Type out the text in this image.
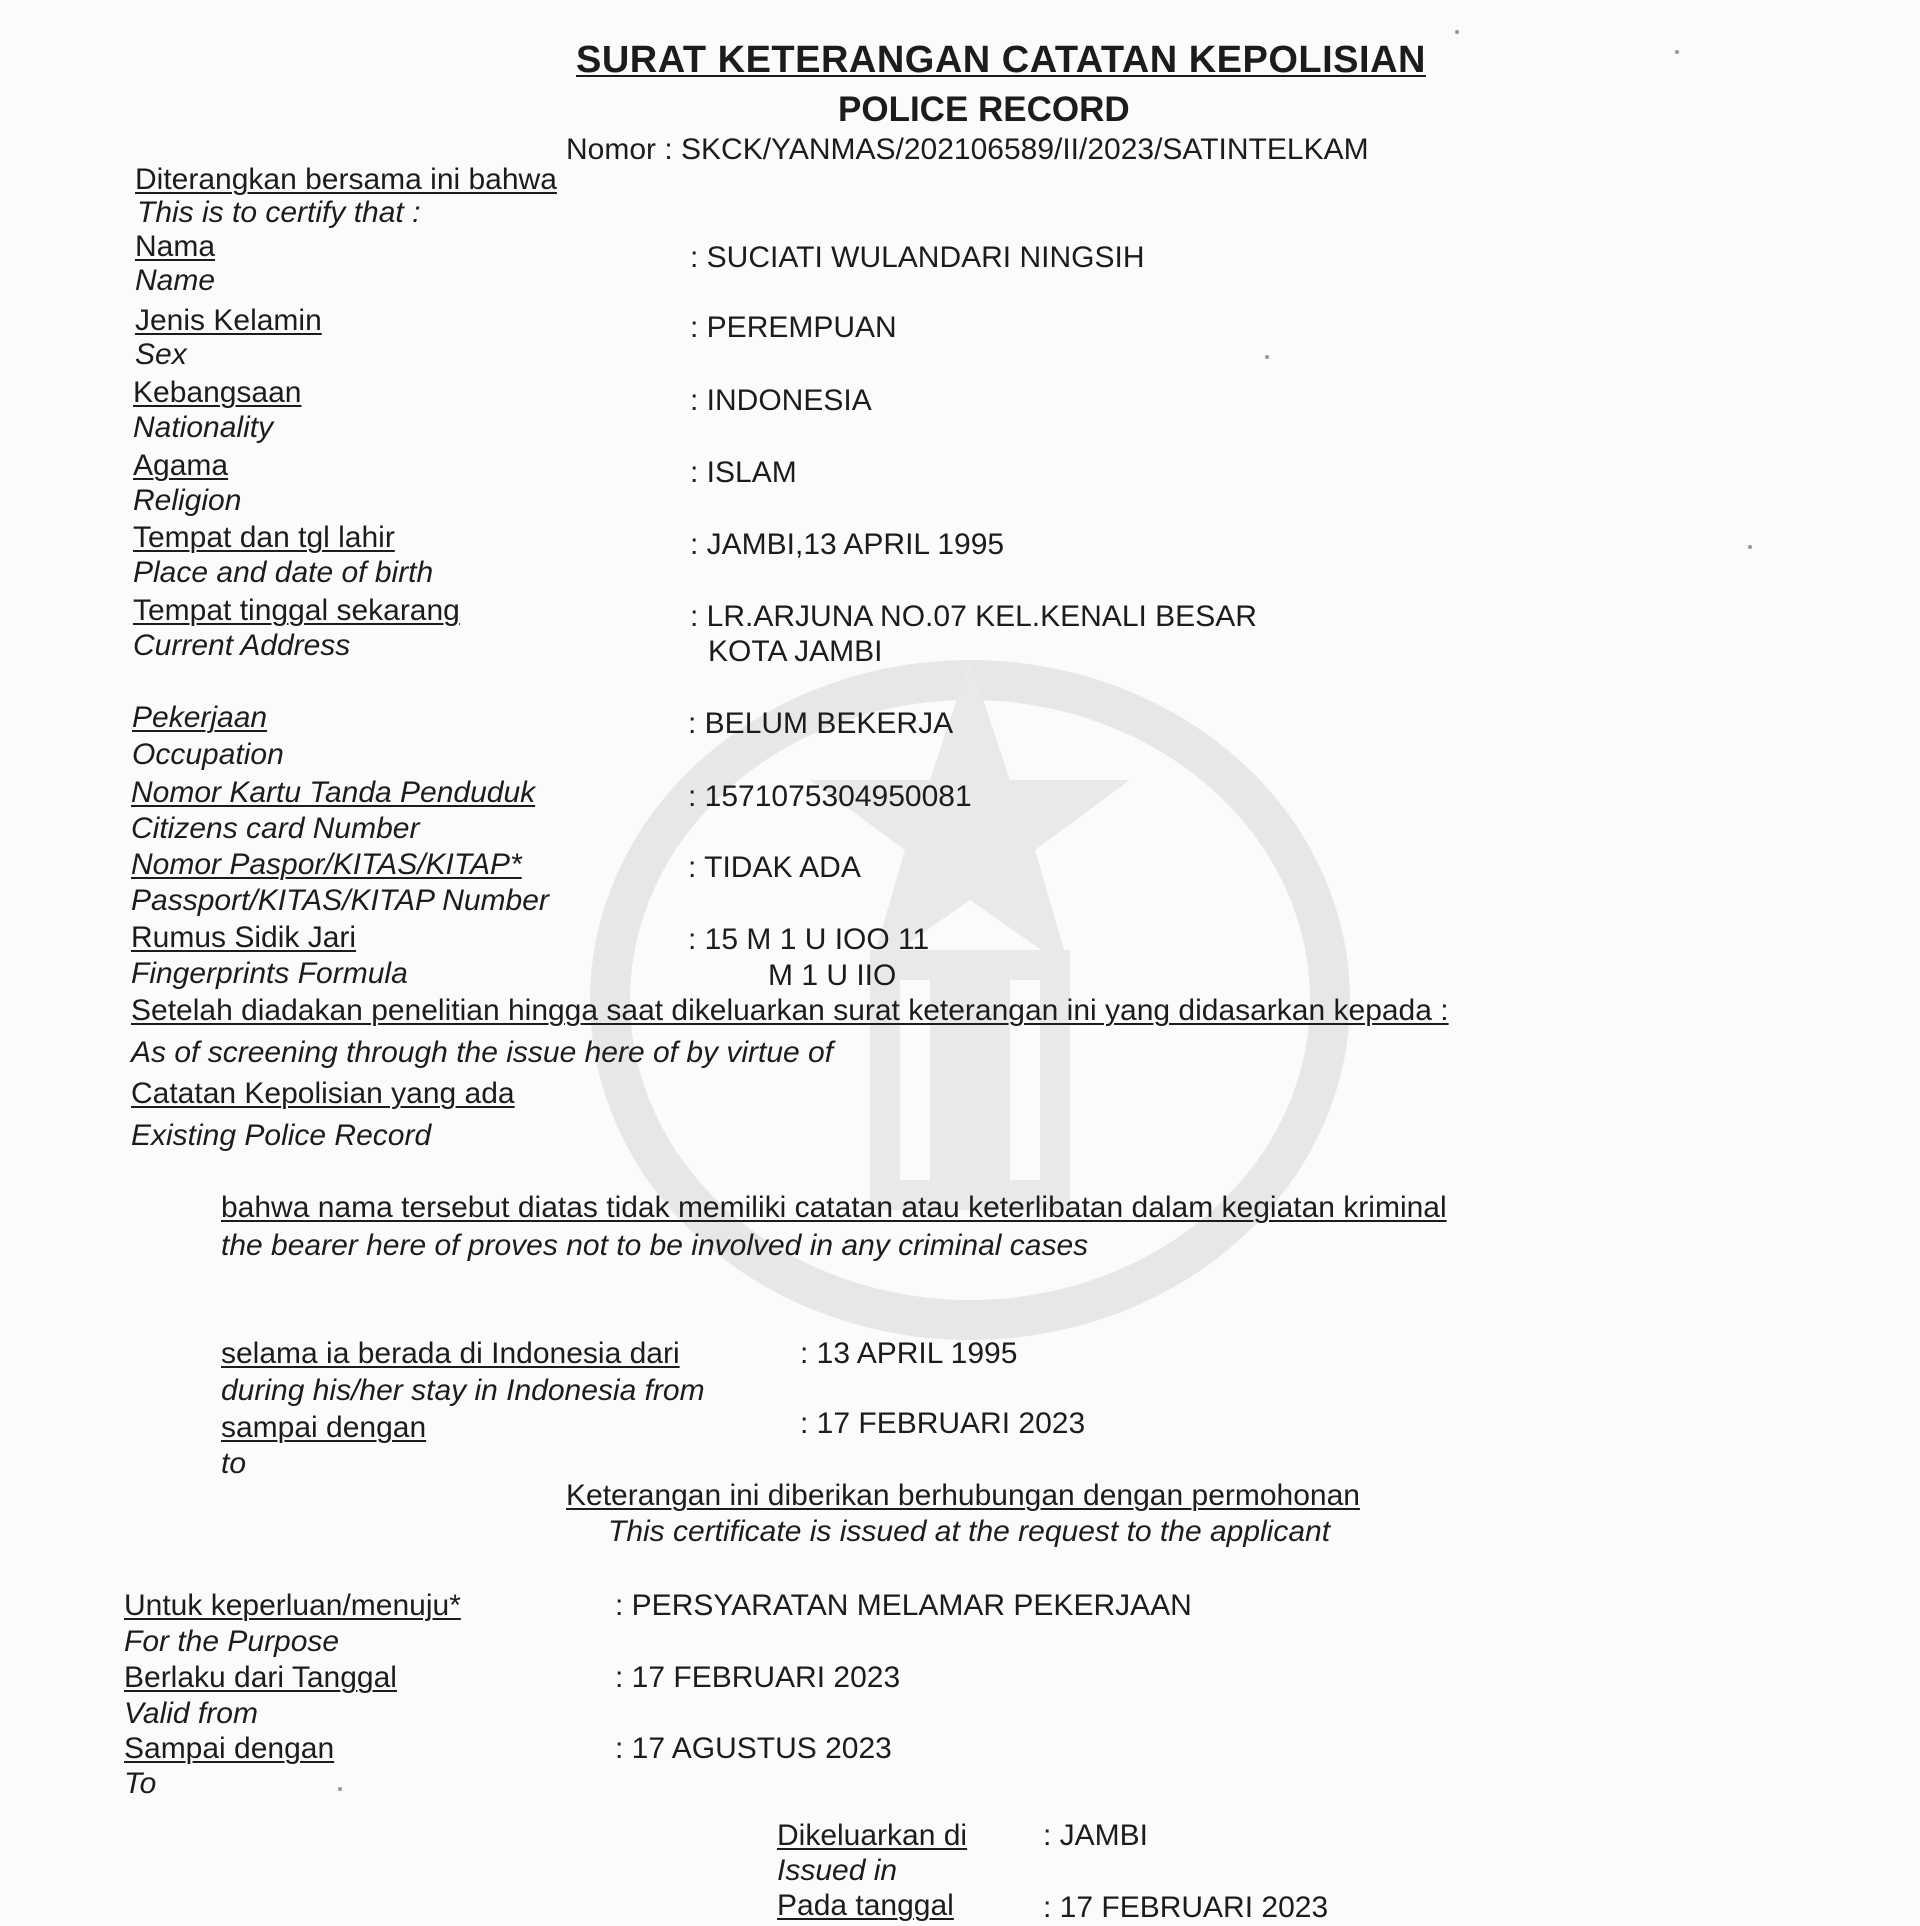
SURAT KETERANGAN CATATAN KEPOLISIAN
POLICE RECORD
Nomor : SKCK/YANMAS/202106589/II/2023/SATINTELKAM
Diterangkan bersama ini bahwa
This is to certify that :
Nama
Name
: SUCIATI WULANDARI NINGSIH
Jenis Kelamin
Sex
: PEREMPUAN
Kebangsaan
Nationality
: INDONESIA
Agama
Religion
: ISLAM
Tempat dan tgl lahir
Place and date of birth
: JAMBI,13 APRIL 1995
Tempat tinggal sekarang
Current Address
: LR.ARJUNA NO.07 KEL.KENALI BESAR
KOTA JAMBI
Pekerjaan
Occupation
: BELUM BEKERJA
Nomor Kartu Tanda Penduduk
Citizens card Number
: 1571075304950081
Nomor Paspor/KITAS/KITAP*
Passport/KITAS/KITAP Number
: TIDAK ADA
Rumus Sidik Jari
Fingerprints Formula
: 15 M 1 U IOO 11
M 1 U IIO
Setelah diadakan penelitian hingga saat dikeluarkan surat keterangan ini yang didasarkan kepada :
As of screening through the issue here of by virtue of
Catatan Kepolisian yang ada
Existing Police Record
bahwa nama tersebut diatas tidak memiliki catatan atau keterlibatan dalam kegiatan kriminal
the bearer here of proves not to be involved in any criminal cases
selama ia berada di Indonesia dari
during his/her stay in Indonesia from
: 13 APRIL 1995
sampai dengan
to
: 17 FEBRUARI 2023
Keterangan ini diberikan berhubungan dengan permohonan
This certificate is issued at the request to the applicant
Untuk keperluan/menuju*
For the Purpose
: PERSYARATAN MELAMAR PEKERJAAN
Berlaku dari Tanggal
Valid from
: 17 FEBRUARI 2023
Sampai dengan
To
: 17 AGUSTUS 2023
Dikeluarkan di
Issued in
: JAMBI
Pada tanggal	: 17 FEBRUARI 2023
